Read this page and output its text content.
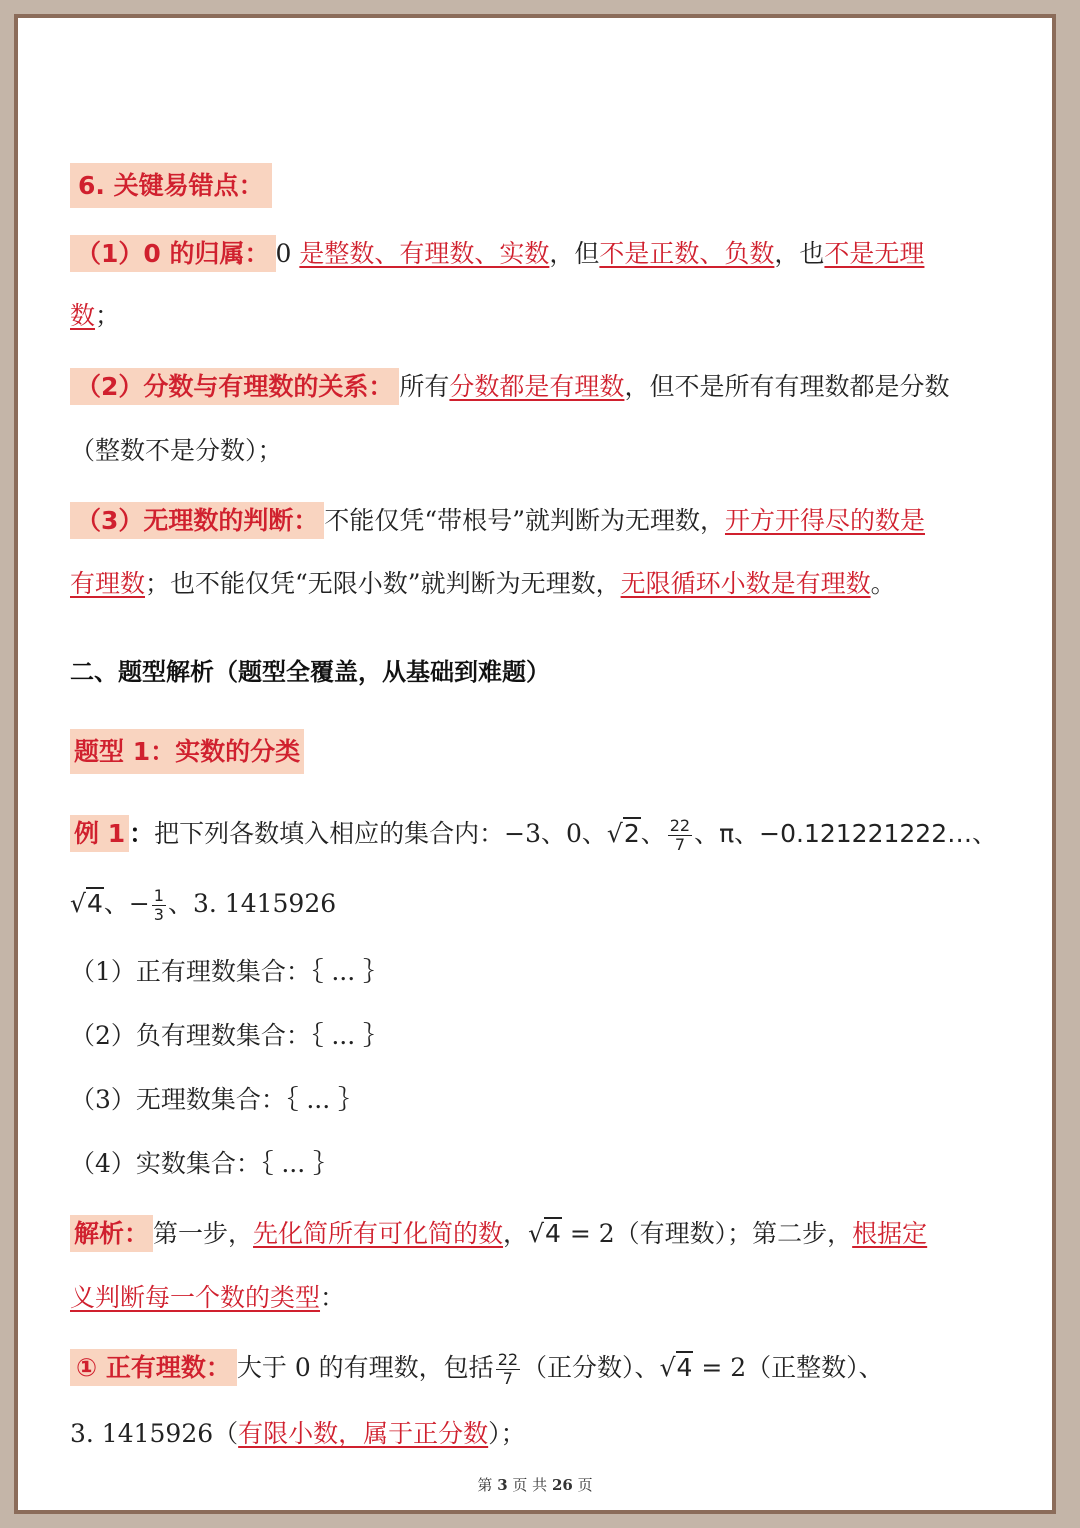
6. 关键易错点：
（1）0 的归属： 0 是整数、有理数、实数，但不是正数、负数，也不是无理
数；
（2）分数与有理数的关系： 所有分数都是有理数，但不是所有有理数都是分数
（整数不是分数）；
（3）无理数的判断： 不能仅凭“带根号”就判断为无理数，开方开得尽的数是
有理数；也不能仅凭“无限小数”就判断为无理数，无限循环小数是有理数。
二、题型解析（题型全覆盖，从基础到难题）
题型 1：实数的分类
例 1 ：把下列各数填入相应的集合内：−3、0、√2、 $\frac{22}{7}$ 、π、−0.121221222…、
√4、− $\frac{1}{3}$ 、3. 1415926
（1）正有理数集合：｛ ... ｝
（2）负有理数集合：｛ ... ｝
（3）无理数集合：｛ ... ｝
（4）实数集合：｛ ... ｝
解析： 第一步，先化简所有可化简的数，√4 = 2（有理数）；第二步，根据定
义判断每一个数的类型：
① 正有理数： 大于 0 的有理数，包括 $\frac{22}{7}$ （正分数）、√4 = 2（正整数）、
3. 1415926（有限小数，属于正分数）；
第 3 页 共 26 页
